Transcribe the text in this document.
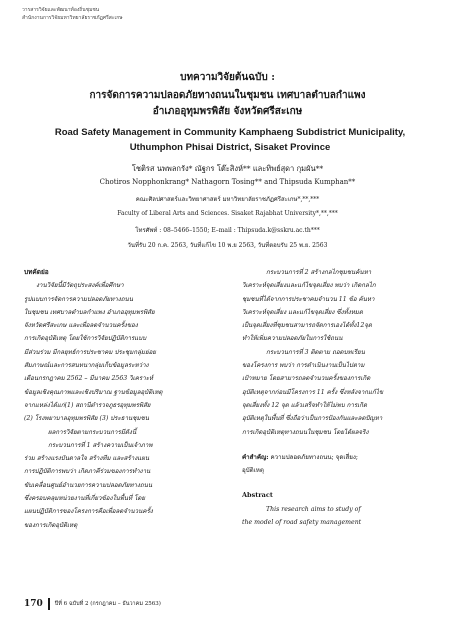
วารสารวิจัยและพัฒนาท้องถิ่นชุมชน
สำนักงานการวิจัยมหาวิทยาลัยราชภัฏศรีสะเกษ
บทความวิจัยต้นฉบับ :
การจัดการความปลอดภัยทางถนนในชุมชน เทศบาลตำบลกำแพง
อำเภออุทุมพรพิสัย จังหวัดศรีสะเกษ
Road Safety Management in Community Kamphaeng Subdistrict Municipality, Uthumphon Phisai District, Sisaket Province
โชติรส นพพลกรัง* ณัฐกร โต๊ะสิงห์** และทิพย์สุดา กุมผัน**
Chotiros Nopphonkrang* Nathagorn Tosing** and Thipsuda Kumphan**
คณะศิลปศาสตร์และวิทยาศาสตร์ มหาวิทยาลัยราชภัฏศรีสะเกษ*,**,***
Faculty of Liberal Arts and Sciences. Sisaket Rajabhat University*,**,***
โทรศัพท์ : 08–5466–1550; E–mail : Thipsuda.k@sskru.ac.th***
วันที่รับ 20 ก.ค. 2563, วันที่แก้ไข 10 พ.ย 2563, วันที่ตอบรับ 25 พ.ย. 2563
บทคัดย่อ
งานวิจัยนี้มีวัตถุประสงค์เพื่อศึกษา
รูปแบบการจัดการความปลอดภัยทางถนน
ในชุมชน เทศบาลตำบลกำแพง อำเภออุทุมพรพิสัย
จังหวัดศรีสะเกษ และเพื่อลดจำนวนครั้งของ
การเกิดอุบัติเหตุ โดยใช้การวิจัยปฏิบัติการแบบ
มีส่วนร่วม มีกลยุทธ์การประชาคม ประชุมกลุ่มย่อย
สัมภาษณ์และการสนทนากลุ่มเก็บข้อมูลระหว่าง
เดือนกรกฎาคม 2562 – มีนาคม 2563 วิเคราะห์
ข้อมูลเชิงคุณภาพและเชิงปริมาณ ฐานข้อมูลอุบัติเหตุ
จากแหล่งได้แก่(1) สถานีตำรวจภูธรอุทุมพรพิสัย
(2) โรงพยาบาลอุทุมพรพิสัย (3) ประธานชุมชน
ผลการวิจัยตามกระบวนการมีดังนี้
กระบวนการที่ 1 สร้างความเป็นเจ้าภาพ
ร่วม สร้างแรงบันดาลใจ สร้างทีม และสร้างแผน
การปฏิบัติการพบว่า เกิดภาคีร่วมของการทำงาน
ขับเคลื่อนศูนย์อำนวยการความปลอดภัยทางถนน
ซึ่งครอบคลุมหน่วยงานที่เกี่ยวข้องในพื้นที่ โดย
แผนปฏิบัติการของโครงการคือเพื่อลดจำนวนครั้ง
ของการเกิดอุบัติเหตุ
กระบวนการที่ 2 สร้างกลไกชุมชนค้นหา
วิเคราะห์จุดเสี่ยงและแก้ไขจุดเสี่ยง พบว่า เกิดกลไก
ชุมชนที่ได้จากการประชาคมจำนวน 11 ข้อ ค้นหา
วิเคราะห์จุดเสี่ยง และแก้ไขจุดเสี่ยง ซึ่งทั้งหมด
เป็นจุดเสี่ยงที่ชุมชนสามารถจัดการเองได้ทั้ง12จุด
ทำให้เพิ่มความปลอดภัยในการใช้ถนน
กระบวนการที่ 3 ติดตาม ถอดบทเรียน
ของโครงการ พบว่า การดำเนินงานเป็นไปตาม
เป้าหมาย โดยสามารถลดจำนวนครั้งของการเกิด
อุบัติเหตุจากก่อนมีโครงการ 11 ครั้ง ซึ่งหลังจากแก้ไข
จุดเสี่ยงทั้ง 12 จุด แล้วเสร็จทำให้ไม่พบ การเกิด
อุบัติเหตุในพื้นที่ ซึ่งถือว่าเป็นการป้องกันและลดปัญหา
การเกิดอุบัติเหตุทางถนนในชุมชน โดยได้ผลจริง
คำสำคัญ: ความปลอดภัยทางถนน; จุดเสี่ยง;
อุบัติเหตุ
Abstract
This research aims to study of
the model of road safety management
170 ปีที่ 6 ฉบับที่ 2 (กรกฎาคม – ธันวาคม 2563)
